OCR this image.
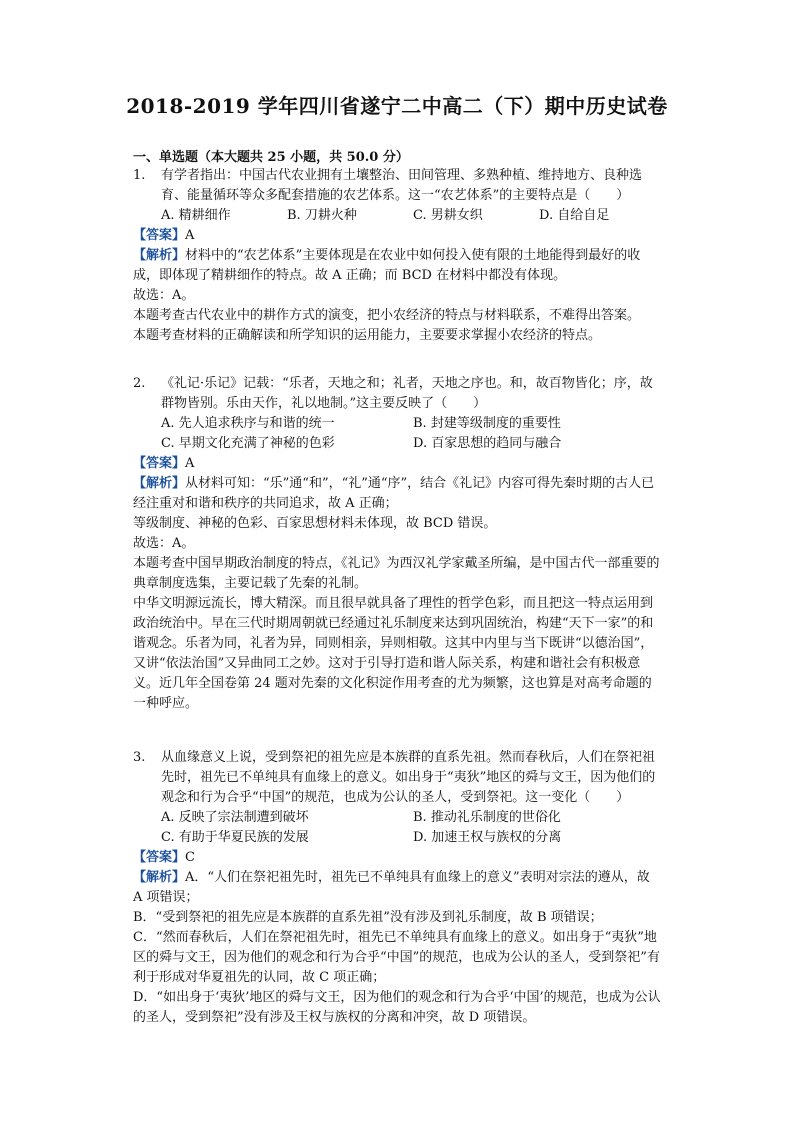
2018-2019 学年四川省遂宁二中高二（下）期中历史试卷
一、单选题（本大题共 25 小题，共 50.0 分）
1.	有学者指出：中国古代农业拥有土壤整治、田间管理、多熟种植、维持地方、良种选育、能量循环等众多配套措施的农艺体系。这一“农艺体系”的主要特点是（　　）
A. 精耕细作	B. 刀耕火种	C. 男耕女织	D. 自给自足
【答案】A

【解析】材料中的“农艺体系”主要体现是在农业中如何投入使有限的土地能得到最好的收成，即体现了精耕细作的特点。故 A 正确；而 BCD 在材料中都没有体现。

故选：A。

本题考查古代农业中的耕作方式的演变，把小农经济的特点与材料联系，不难得出答案。

本题考查材料的正确解读和所学知识的运用能力，主要要求掌握小农经济的特点。

2.	《礼记·乐记》记载：“乐者，天地之和；礼者，天地之序也。和，故百物皆化；序，故群物皆别。乐由天作，礼以地制。”这主要反映了（　　）
A. 先人追求秩序与和谐的统一	B. 封建等级制度的重要性
C. 早期文化充满了神秘的色彩	D. 百家思想的趋同与融合
【答案】A

【解析】从材料可知：“乐”通“和”，“礼”通“序”，结合《礼记》内容可得先秦时期的古人已经注重对和谐和秩序的共同追求，故 A 正确；

等级制度、神秘的色彩、百家思想材料未体现，故 BCD 错误。

故选：A。

本题考查中国早期政治制度的特点，《礼记》为西汉礼学家戴圣所编，是中国古代一部重要的典章制度选集，主要记载了先秦的礼制。

中华文明源远流长，博大精深。而且很早就具备了理性的哲学色彩，而且把这一特点运用到政治统治中。早在三代时期周朝就已经通过礼乐制度来达到巩固统治，构建“天下一家”的和谐观念。乐者为同，礼者为异，同则相亲，异则相敬。这其中内里与当下既讲“以德治国”，又讲“依法治国”又异曲同工之妙。这对于引导打造和谐人际关系，构建和谐社会有积极意义。近几年全国卷第 24 题对先秦的文化积淀作用考查的尤为频繁，这也算是对高考命题的一种呼应。

3.	从血缘意义上说，受到祭祀的祖先应是本族群的直系先祖。然而春秋后，人们在祭祀祖先时，祖先已不单纯具有血缘上的意义。如出身于“夷狄”地区的舜与文王，因为他们的观念和行为合乎“中国”的规范，也成为公认的圣人，受到祭祀。这一变化（　　）
A. 反映了宗法制遭到破坏	B. 推动礼乐制度的世俗化
C. 有助于华夏民族的发展	D. 加速王权与族权的分离
【答案】C

【解析】A．“人们在祭祀祖先时，祖先已不单纯具有血缘上的意义”表明对宗法的遵从，故 A 项错误；

B．“受到祭祀的祖先应是本族群的直系先祖”没有涉及到礼乐制度，故 B 项错误；

C．“然而春秋后，人们在祭祀祖先时，祖先已不单纯具有血缘上的意义。如出身于“夷狄”地区的舜与文王，因为他们的观念和行为合乎“中国”的规范，也成为公认的圣人，受到祭祀”有利于形成对华夏祖先的认同，故 C 项正确；

D．“如出身于‘夷狄’地区的舜与文王，因为他们的观念和行为合乎‘中国’的规范，也成为公认的圣人，受到祭祀”没有涉及王权与族权的分离和冲突，故 D 项错误。
